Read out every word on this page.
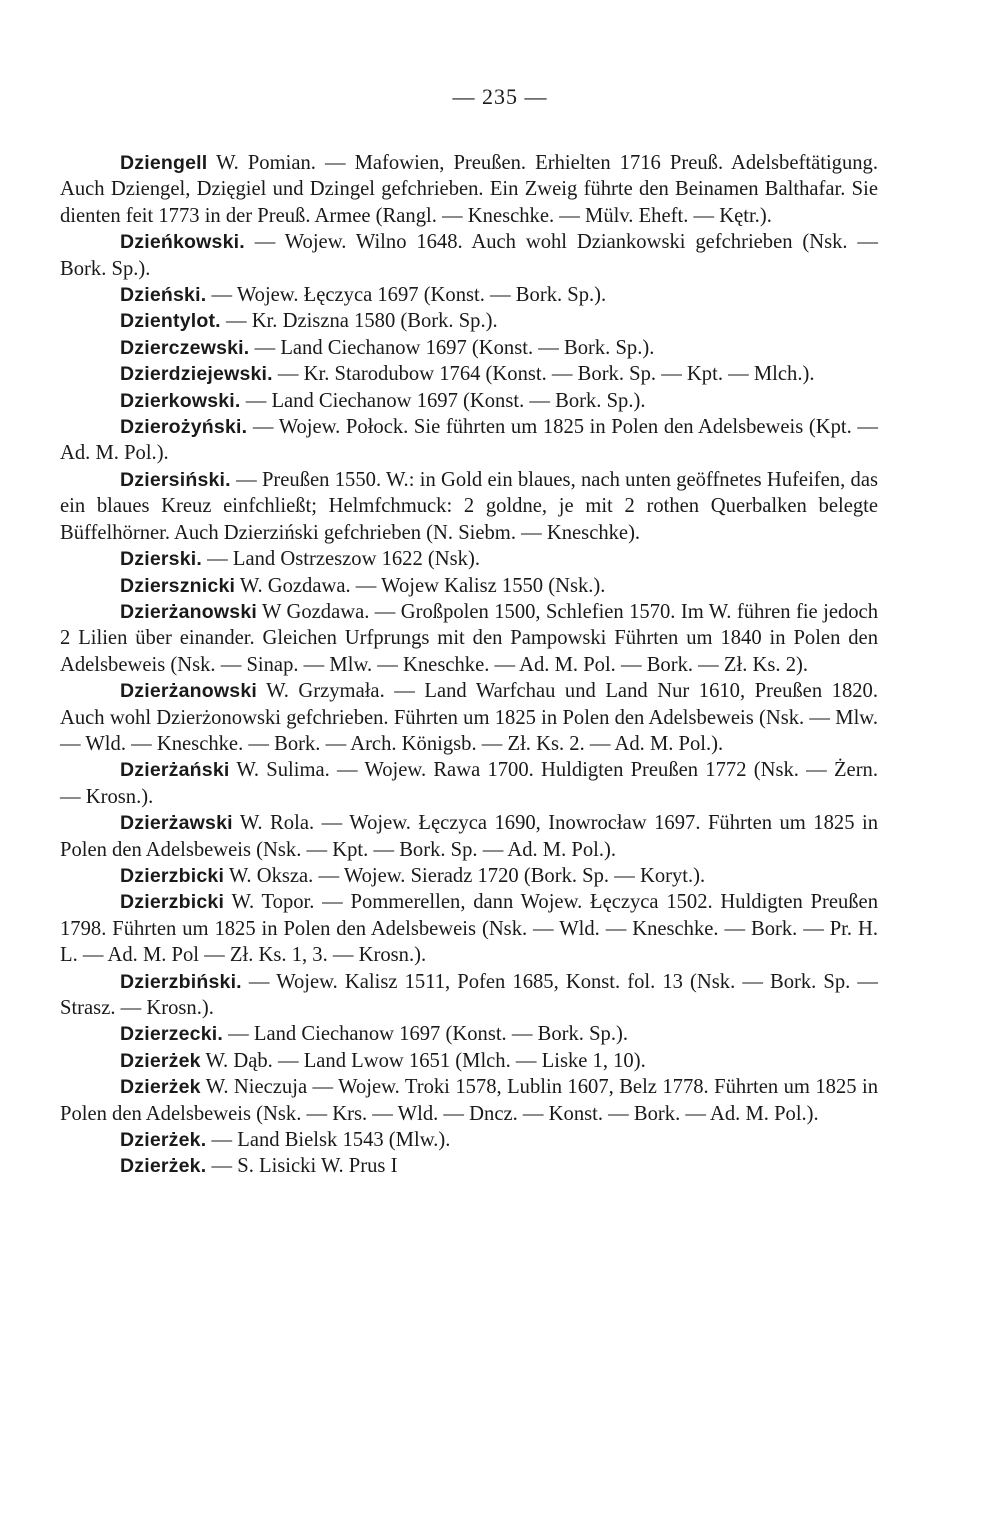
— 235 —

Dziengell W. Pomian. — Mafowien, Preußen. Erhielten 1716 Preuß. Adelsbeftätigung. Auch Dziengel, Dzięgiel und Dzingel gefchrieben. Ein Zweig führte den Beinamen Balthafar. Sie dienten feit 1773 in der Preuß. Armee (Rangl. — Kneschke. — Mülv. Eheft. — Kętr.).

Dzieńkowski. — Wojew. Wilno 1648. Auch wohl Dziankowski gefchrieben (Nsk. — Bork. Sp.).

Dzieński. — Wojew. Łęczyca 1697 (Konst. — Bork. Sp.).

Dzientylot. — Kr. Dziszna 1580 (Bork. Sp.).

Dzierczewski. — Land Ciechanow 1697 (Konst. — Bork. Sp.).

Dzierdziejewski. — Kr. Starodubow 1764 (Konst. — Bork. Sp. — Kpt. — Mlch.).

Dzierkowski. — Land Ciechanow 1697 (Konst. — Bork. Sp.).

Dzierożyński. — Wojew. Połock. Sie führten um 1825 in Polen den Adelsbeweis (Kpt. — Ad. M. Pol.).

Dziersiński. — Preußen 1550. W.: in Gold ein blaues, nach unten geöffnetes Hufeifen, das ein blaues Kreuz einfchließt; Helmfchmuck: 2 goldne, je mit 2 rothen Querbalken belegte Büffelhörner. Auch Dzierziński gefchrieben (N. Siebm. — Kneschke).

Dzierski. — Land Ostrzeszow 1622 (Nsk).

Dziersznicki W. Gozdawa. — Wojew Kalisz 1550 (Nsk.).

Dzierżanowski W Gozdawa. — Großpolen 1500, Schlefien 1570. Im W. führen fie jedoch 2 Lilien über einander. Gleichen Urfprungs mit den Pampowski Führten um 1840 in Polen den Adelsbeweis (Nsk. — Sinap. — Mlw. — Kneschke. — Ad. M. Pol. — Bork. — Zł. Ks. 2).

Dzierżanowski W. Grzymała. — Land Warfchau und Land Nur 1610, Preußen 1820. Auch wohl Dzierżonowski gefchrieben. Führten um 1825 in Polen den Adelsbeweis (Nsk. — Mlw. — Wld. — Kneschke. — Bork. — Arch. Königsb. — Zł. Ks. 2. — Ad. M. Pol.).

Dzierżański W. Sulima. — Wojew. Rawa 1700. Huldigten Preußen 1772 (Nsk. — Żern. — Krosn.).

Dzierżawski W. Rola. — Wojew. Łęczyca 1690, Inowrocław 1697. Führten um 1825 in Polen den Adelsbeweis (Nsk. — Kpt. — Bork. Sp. — Ad. M. Pol.).

Dzierzbicki W. Oksza. — Wojew. Sieradz 1720 (Bork. Sp. — Koryt.).

Dzierzbicki W. Topor. — Pommerellen, dann Wojew. Łęczyca 1502. Huldigten Preußen 1798. Führten um 1825 in Polen den Adelsbeweis (Nsk. — Wld. — Kneschke. — Bork. — Pr. H. L. — Ad. M. Pol — Zł. Ks. 1, 3. — Krosn.).

Dzierzbiński. — Wojew. Kalisz 1511, Pofen 1685, Konst. fol. 13 (Nsk. — Bork. Sp. — Strasz. — Krosn.).

Dzierzecki. — Land Ciechanow 1697 (Konst. — Bork. Sp.).

Dzierżek W. Dąb. — Land Lwow 1651 (Mlch. — Liske 1, 10).

Dzierżek W. Nieczuja — Wojew. Troki 1578, Lublin 1607, Belz 1778. Führten um 1825 in Polen den Adelsbeweis (Nsk. — Krs. — Wld. — Dncz. — Konst. — Bork. — Ad. M. Pol.).

Dzierżek. — Land Bielsk 1543 (Mlw.).

Dzierżek. — S. Lisicki W. Prus I
